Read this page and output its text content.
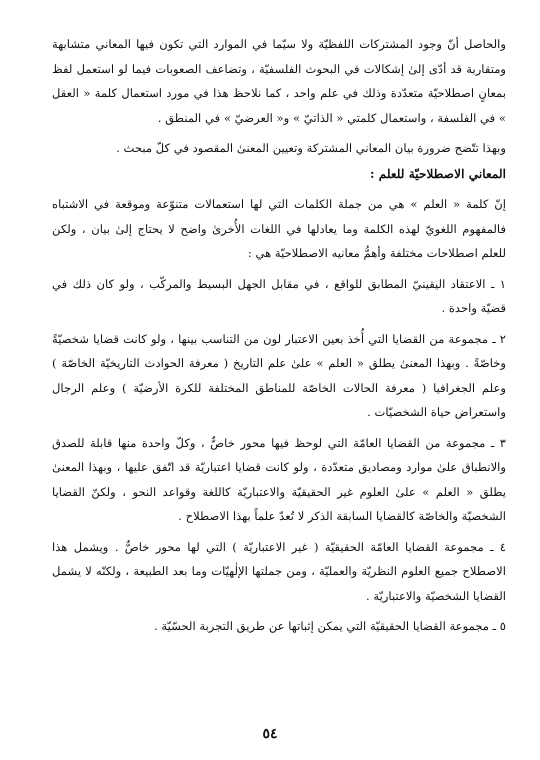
والحاصل أنّ وجود المشتركات اللفظيّة ولا سيّما في الموارد التي تكون فيها المعاني متشابهة ومتقاربة قد أدّى إلىٰ إشكالات في البحوث الفلسفيّة ، وتضاعف الصعوبات فيما لو استعمل لفظ بمعانٍ اصطلاحيّة متعدّدة وذلك في علم واحد ، كما نلاحظ هذا في مورد استعمال كلمة « العقل » في الفلسفة ، واستعمال كلمتي « الذاتيّ » و« العرضيّ » في المنطق .

وبهذا تتّضح ضرورة بيان المعاني المشتركة وتعيين المعنىٰ المقصود في كلّ مبحث .

المعاني الاصطلاحيّة للعلم :

إنّ كلمة « العلم » هي من جملة الكلمات التي لها استعمالات متنوّعة وموقعة في الاشتباه فالمفهوم اللغويّ لهذه الكلمة وما يعادلها في اللغات الأُخرىٰ واضح لا يحتاج إلىٰ بيان ، ولكن للعلم اصطلاحات مختلفة وأهمُّ معانيه الاصطلاحيّة هي :

١ ـ الاعتقاد اليقينيّ المطابق للواقع ، في مقابل الجهل البسيط والمركّب ، ولو كان ذلك في قضيّة واحدة .

٢ ـ مجموعة من القضايا التي أُخذ بعين الاعتبار لون من التناسب بينها ، ولو كانت قضايا شخصيّةً وخاصّةً . وبهذا المعنىٰ يطلق « العلم » علىٰ علم التاريخ ( معرفة الحوادث التاريخيّة الخاصّة ) وعلم الجغرافيا ( معرفة الحالات الخاصّة للمناطق المختلفة للكرة الأرضيّة ) وعلم الرجال واستعراض حياة الشخصيّات .

٣ ـ مجموعة من القضايا العامّة التي لوحظ فيها محور خاصٌّ ، وكلّ واحدة منها قابلة للصدق والانطباق علىٰ موارد ومصاديق متعدّدة ، ولو كانت قضايا اعتباريّة قد اتّفق عليها ، وبهذا المعنىٰ يطلق « العلم » علىٰ العلوم غير الحقيقيّة والاعتباريّة كاللغة وقواعد النحو ، ولكنّ القضايا الشخصيّة والخاصّة كالقضايا السابقة الذكر لا تُعدّ علماً بهذا الاصطلاح .

٤ ـ مجموعة القضايا العامّة الحقيقيّة ( غير الاعتباريّة ) التي لها محور خاصٌّ . ويشمل هذا الاصطلاح جميع العلوم النظريّة والعمليّة ، ومن جملتها الإلٰهيّات وما بعد الطبيعة ، ولكنّه لا يشمل القضايا الشخصيّة والاعتباريّة .

٥ ـ مجموعة القضايا الحقيقيّة التي يمكن إثباتها عن طريق التجربة الحسّيّة .

٥٤
